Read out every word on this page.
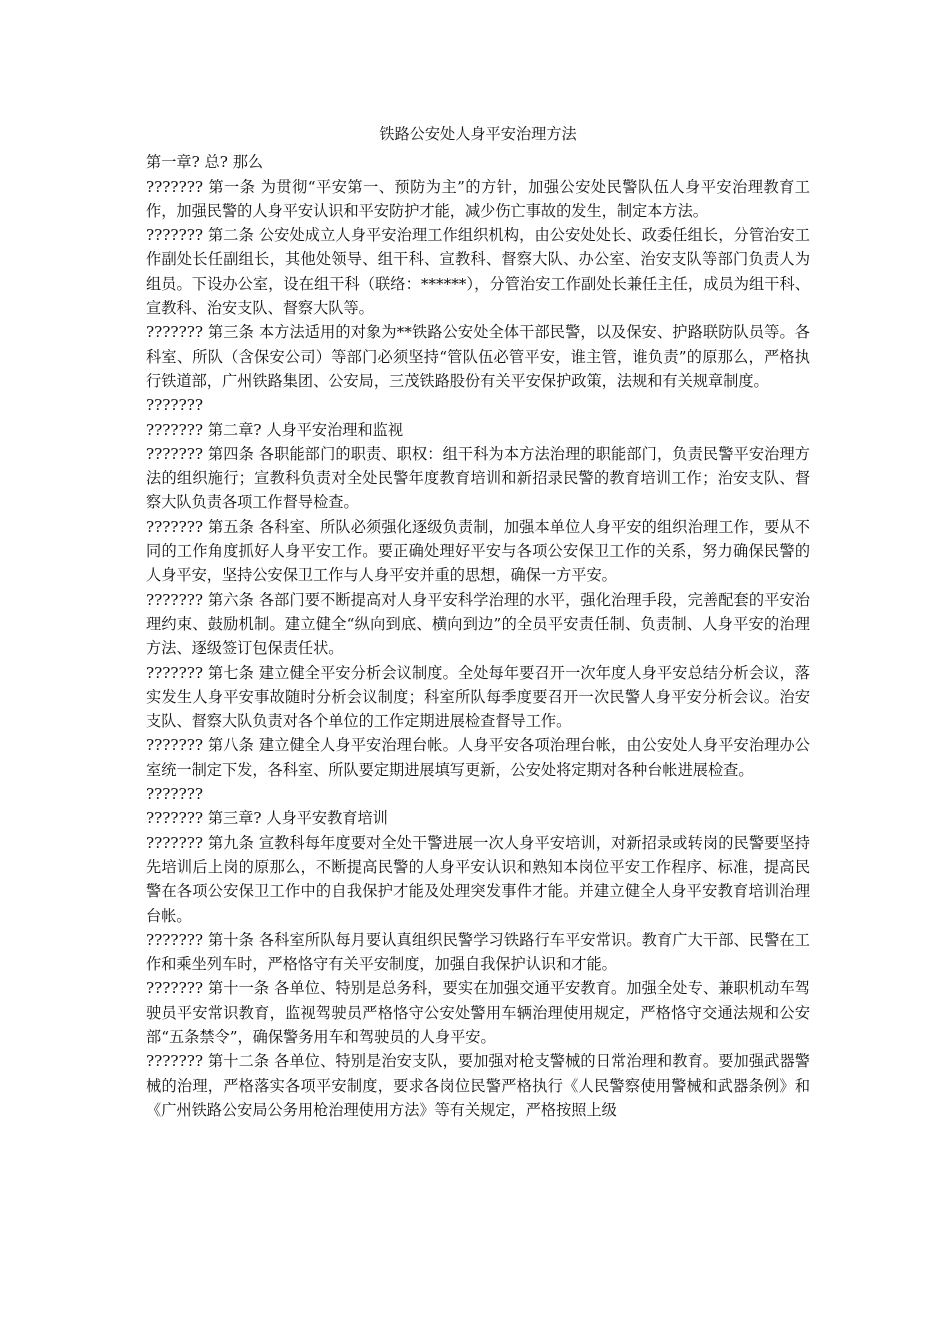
铁路公安处人身平安治理方法

第一章? 总? 那么

??????? 第一条 为贯彻“平安第一、预防为主”的方针，加强公安处民警队伍人身平安治理教育工作，加强民警的人身平安认识和平安防护才能，减少伤亡事故的发生，制定本方法。

??????? 第二条 公安处成立人身平安治理工作组织机构，由公安处处长、政委任组长，分管治安工作副处长任副组长，其他处领导、组干科、宣教科、督察大队、办公室、治安支队等部门负责人为组员。下设办公室，设在组干科（联络：******），分管治安工作副处长兼任主任，成员为组干科、宣教科、治安支队、督察大队等。

??????? 第三条 本方法适用的对象为**铁路公安处全体干部民警，以及保安、护路联防队员等。各科室、所队（含保安公司）等部门必须坚持“管队伍必管平安，谁主管，谁负责”的原那么，严格执行铁道部，广州铁路集团、公安局，三茂铁路股份有关平安保护政策，法规和有关规章制度。

???????

??????? 第二章? 人身平安治理和监视

??????? 第四条 各职能部门的职责、职权：组干科为本方法治理的职能部门，负责民警平安治理方法的组织施行；宣教科负责对全处民警年度教育培训和新招录民警的教育培训工作；治安支队、督察大队负责各项工作督导检查。

??????? 第五条 各科室、所队必须强化逐级负责制，加强本单位人身平安的组织治理工作，要从不同的工作角度抓好人身平安工作。要正确处理好平安与各项公安保卫工作的关系，努力确保民警的人身平安，坚持公安保卫工作与人身平安并重的思想，确保一方平安。

??????? 第六条 各部门要不断提高对人身平安科学治理的水平，强化治理手段，完善配套的平安治理约束、鼓励机制。建立健全“纵向到底、横向到边”的全员平安责任制、负责制、人身平安的治理方法、逐级签订包保责任状。

??????? 第七条 建立健全平安分析会议制度。全处每年要召开一次年度人身平安总结分析会议，落实发生人身平安事故随时分析会议制度；科室所队每季度要召开一次民警人身平安分析会议。治安支队、督察大队负责对各个单位的工作定期进展检查督导工作。

??????? 第八条 建立健全人身平安治理台帐。人身平安各项治理台帐，由公安处人身平安治理办公室统一制定下发，各科室、所队要定期进展填写更新，公安处将定期对各种台帐进展检查。

???????

??????? 第三章? 人身平安教育培训

??????? 第九条 宣教科每年度要对全处干警进展一次人身平安培训，对新招录或转岗的民警要坚持先培训后上岗的原那么，不断提高民警的人身平安认识和熟知本岗位平安工作程序、标准，提高民警在各项公安保卫工作中的自我保护才能及处理突发事件才能。并建立健全人身平安教育培训治理台帐。

??????? 第十条 各科室所队每月要认真组织民警学习铁路行车平安常识。教育广大干部、民警在工作和乘坐列车时，严格恪守有关平安制度，加强自我保护认识和才能。

??????? 第十一条 各单位、特别是总务科，要实在加强交通平安教育。加强全处专、兼职机动车驾驶员平安常识教育，监视驾驶员严格恪守公安处警用车辆治理使用规定，严格恪守交通法规和公安部“五条禁令”，确保警务用车和驾驶员的人身平安。

??????? 第十二条 各单位、特别是治安支队，要加强对枪支警械的日常治理和教育。要加强武器警械的治理，严格落实各项平安制度，要求各岗位民警严格执行《人民警察使用警械和武器条例》和《广州铁路公安局公务用枪治理使用方法》等有关规定，严格按照上级
